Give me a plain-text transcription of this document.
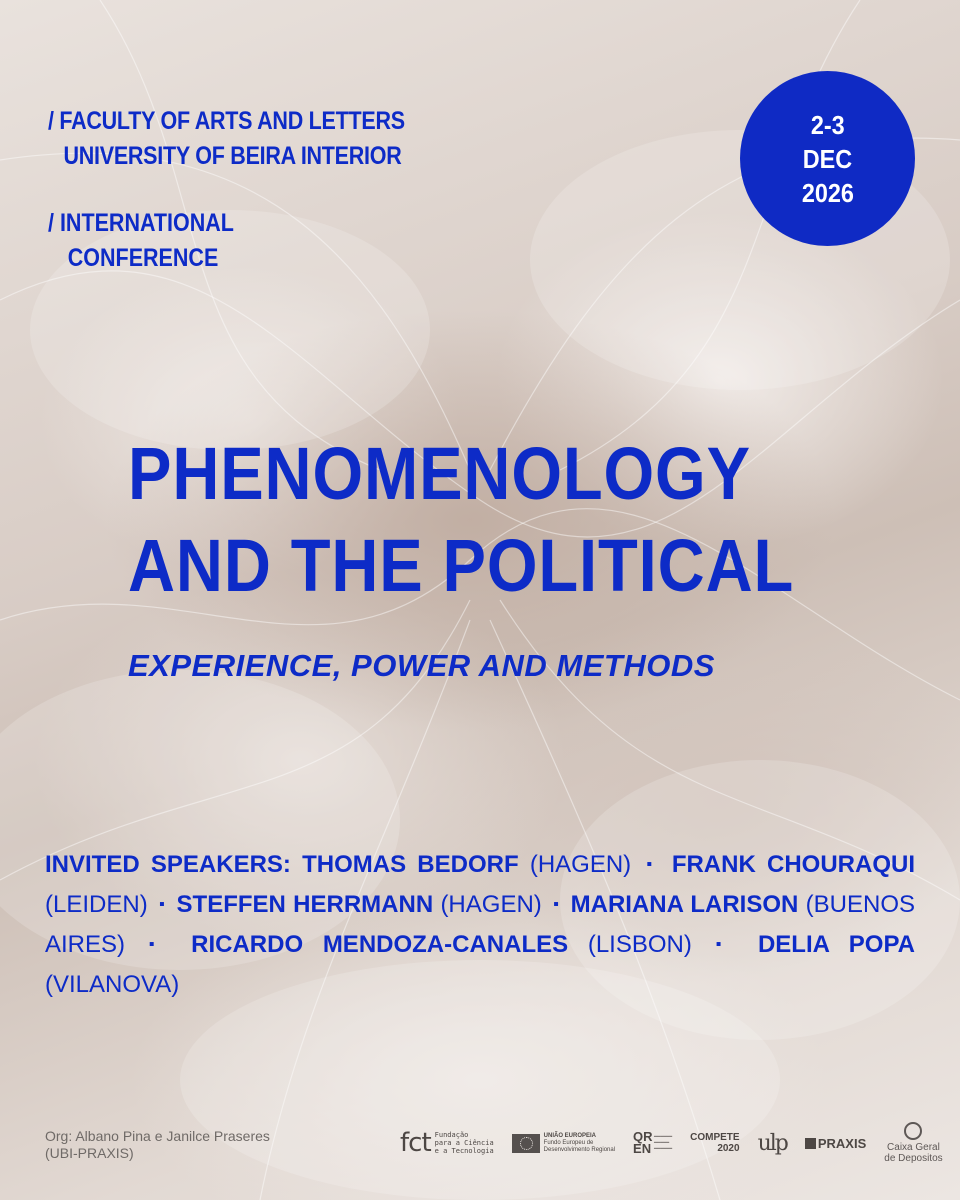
/ FACULTY OF ARTS AND LETTERS
UNIVERSITY OF BEIRA INTERIOR
/ INTERNATIONAL
CONFERENCE
2-3
DEC
2026
PHENOMENOLOGY
AND THE POLITICAL
EXPERIENCE, POWER AND METHODS
INVITED SPEAKERS: THOMAS BEDORF (HAGEN) ▪ FRANK CHOURAQUI (LEIDEN) ▪ STEFFEN HERRMANN (HAGEN) ▪ MARIANA LARISON (BUENOS AIRES) ▪ RICARDO MENDOZA-CANALES (LISBON) ▪ DELIA POPA (VILANOVA)
Org: Albano Pina e Janilce Praseres
(UBI-PRAXIS)	fct Fundação
para a Ciência
e a Tecnologia
UNIÃO EUROPEIA
Fundo Europeu de
Desenvolvimento Regional
QR EN
━━━━━━
━━━━━
━━━━━━
COMPETE
2020 ulp PRAXIS Caixa Geral
de Depositos
